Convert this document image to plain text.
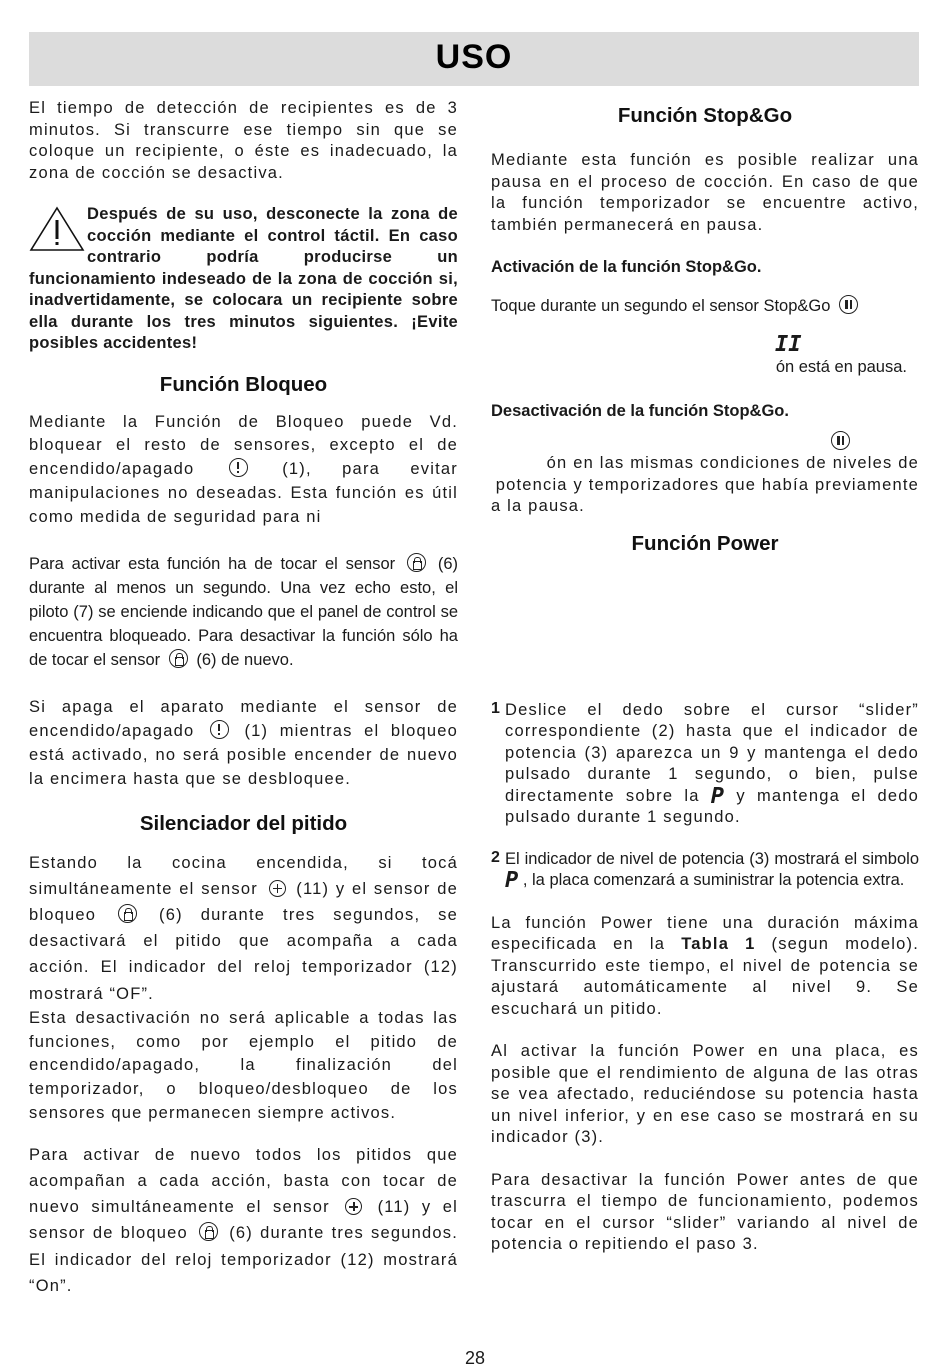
USO

El tiempo de detección de recipientes es de 3 minutos. Si transcurre ese tiempo sin que se coloque un recipiente, o éste es inadecuado, la zona de cocción se desactiva.

Después de su uso, desconecte la zona de cocción mediante el control táctil. En caso contrario podría producirse un funcionamiento indeseado de la zona de cocción si, inadvertidamente, se colocara un recipiente sobre ella durante los tres minutos siguientes. ¡Evite posibles accidentes!

Función Bloqueo

Mediante la Función de Bloqueo puede Vd. bloquear el resto de sensores, excepto el de encendido/apagado	(1), para evitar manipulaciones no deseadas. Esta función es útil como medida de seguridad para ni

Para activar esta función ha de tocar el sensor	(6) durante al menos un segundo. Una vez echo esto, el piloto (7) se enciende indicando que el panel de control se encuentra bloqueado. Para desactivar la función sólo ha de tocar el sensor (6) de nuevo.

Si apaga el aparato mediante el sensor de encendido/apagado	(1) mientras el bloqueo está activado, no será posible encender de nuevo la encimera hasta que se desbloquee.

Silenciador del pitido

Estando la cocina encendida, si tocá simultáneamente el sensor (11) y el sensor de bloqueo	(6) durante tres segundos, se desactivará el pitido que acompaña a cada acción. El indicador del reloj temporizador (12) mostrará “OF”.

Esta desactivación no será aplicable a todas las funciones, como por ejemplo el pitido de encendido/apagado, la finalización del temporizador, o bloqueo/desbloqueo de los sensores que permanecen siempre activos.

Para activar de nuevo todos los pitidos que acompañan a cada acción, basta con tocar de nuevo simultáneamente el sensor	(11) y el sensor de bloqueo	(6) durante tres segundos. El indicador del reloj temporizador (12) mostrará “On”.

Función Stop&Go

Mediante esta función es posible realizar una pausa en el proceso de cocción. En caso de que la función temporizador se encuentre activo, también permanecerá en pausa.

Activación de la función Stop&Go.

Toque durante un segundo el sensor Stop&Go

II

ón está en pausa.

Desactivación de la función Stop&Go.

ón en las mismas condiciones de niveles de potencia y temporizadores que había previamente a la pausa.

Función Power
1 Deslice el dedo sobre el cursor “slider” correspondiente (2) hasta que el indicador de potencia (3) aparezca un 9 y mantenga el dedo pulsado durante 1 segundo, o bien, pulse directamente sobre la P y mantenga el dedo pulsado durante 1 segundo.

2 El indicador de nivel de potencia (3) mostrará el simbolo P , la placa comenzará a suministrar la potencia extra.

La función Power tiene una duración máxima especificada en la Tabla 1 (segun modelo). Transcurrido este tiempo, el nivel de potencia se ajustará automáticamente al nivel 9. Se escuchará un pitido.

Al activar la función Power en una placa, es posible que el rendimiento de alguna de las otras se vea afectado, reduciéndose su potencia hasta un nivel inferior, y en ese caso se mostrará en su indicador (3).

Para desactivar la función Power antes de que trascurra el tiempo de funcionamiento, podemos tocar en el cursor “slider” variando al nivel de potencia o repitiendo el paso 3.

28
